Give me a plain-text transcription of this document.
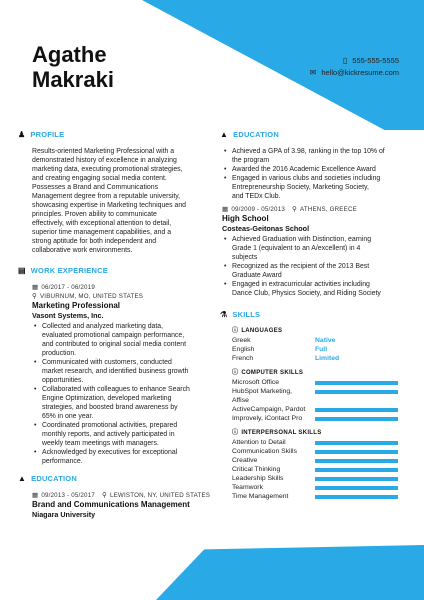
Agathe
Makraki
▯ 555-555-5555
✉ hello@kickresume.com
♟ PROFILE
Results-oriented Marketing Professional with a
demonstrated history of excellence in analyzing
marketing data, executing promotional strategies,
and creating engaging social media content.
Possesses a Brand and Communications
Management degree from a reputable university,
showcasing expertise in Marketing techniques and
principles. Proven ability to communicate
effectively, with exceptional attention to detail,
superior time management capabilities, and a
strong aptitude for both independent and
collaborative work environments.
▤ WORK EXPERIENCE
▦ 06/2017 - 06/2019
⚲ VIBURNUM, MO, UNITED STATES
Marketing Professional
Vasont Systems, Inc.
• Collected and analyzed marketing data,
evaluated promotional campaign performance,
and contributed to original social media content
production.
• Communicated with customers, conducted
market research, and identified business growth
opportunities.
• Collaborated with colleagues to enhance Search
Engine Optimization, developed marketing
strategies, and boosted brand awareness by
65% in one year.
• Coordinated promotional activities, prepared
monthly reports, and actively participated in
weekly team meetings with managers.
• Acknowledged by executives for exceptional
performance.
▲ EDUCATION
▦ 09/2013 - 05/2017 ⚲ LEWISTON, NY, UNITED STATES
Brand and Communications Management
Niagara University
▲ EDUCATION
• Achieved a GPA of 3.98, ranking in the top 10% of
the program
• Awarded the 2016 Academic Excellence Award
• Engaged in various clubs and societies including
Entrepreneurship Society, Marketing Society,
and TEDx Club.
▦ 09/2009 - 05/2013 ⚲ ATHENS, GREECE
High School
Costeas-Geitonas School
• Achieved Graduation with Distinction, earning
Grade 1 (equivalent to an A/excellent) in 4
subjects
• Recognized as the recipient of the 2013 Best
Graduate Award
• Engaged in extracurricular activities including
Dance Club, Physics Society, and Riding Society
⚗ SKILLS
ⓘ LANGUAGES
Greek	Native
English	Full
French	Limited
ⓘ COMPUTER SKILLS
Microsoft Office
HubSpot Marketing,
Affise
ActiveCampaign, Pardot
Improvely, iContact Pro
ⓘ INTERPERSONAL SKILLS
Attention to Detail
Communication Skills
Creative
Critical Thinking
Leadership Skills
Teamwork
Time Management
